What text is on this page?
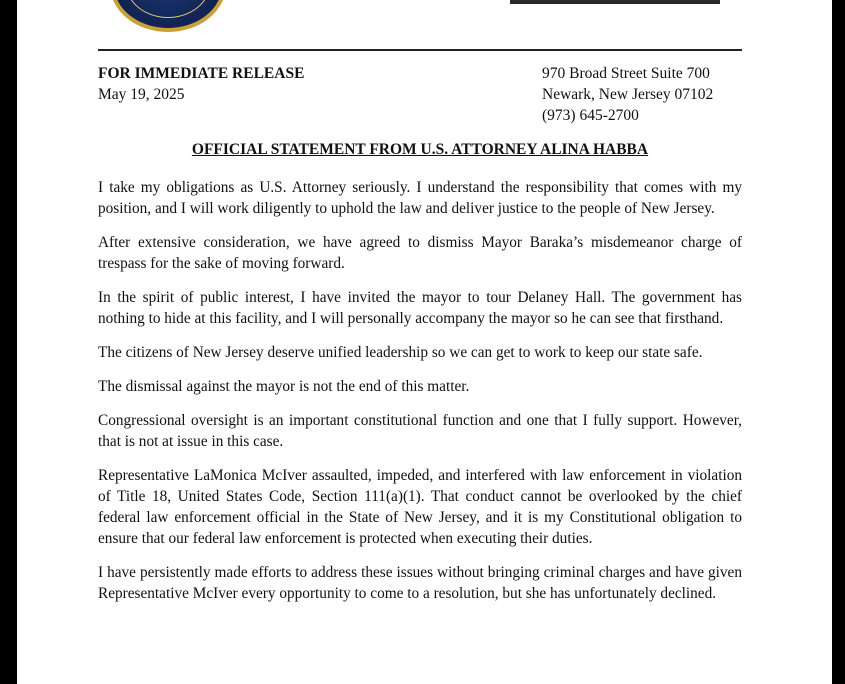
FOR IMMEDIATE RELEASE
May 19, 2025
970 Broad Street Suite 700
Newark, New Jersey 07102
(973) 645-2700
OFFICIAL STATEMENT FROM U.S. ATTORNEY ALINA HABBA

I take my obligations as U.S. Attorney seriously. I understand the responsibility that comes with my position, and I will work diligently to uphold the law and deliver justice to the people of New Jersey.

After extensive consideration, we have agreed to dismiss Mayor Baraka’s misdemeanor charge of trespass for the sake of moving forward.

In the spirit of public interest, I have invited the mayor to tour Delaney Hall. The government has nothing to hide at this facility, and I will personally accompany the mayor so he can see that firsthand.

The citizens of New Jersey deserve unified leadership so we can get to work to keep our state safe.

The dismissal against the mayor is not the end of this matter.

Congressional oversight is an important constitutional function and one that I fully support. However, that is not at issue in this case.

Representative LaMonica McIver assaulted, impeded, and interfered with law enforcement in violation of Title 18, United States Code, Section 111(a)(1). That conduct cannot be overlooked by the chief federal law enforcement official in the State of New Jersey, and it is my Constitutional obligation to ensure that our federal law enforcement is protected when executing their duties.

I have persistently made efforts to address these issues without bringing criminal charges and have given Representative McIver every opportunity to come to a resolution, but she has unfortunately declined.
